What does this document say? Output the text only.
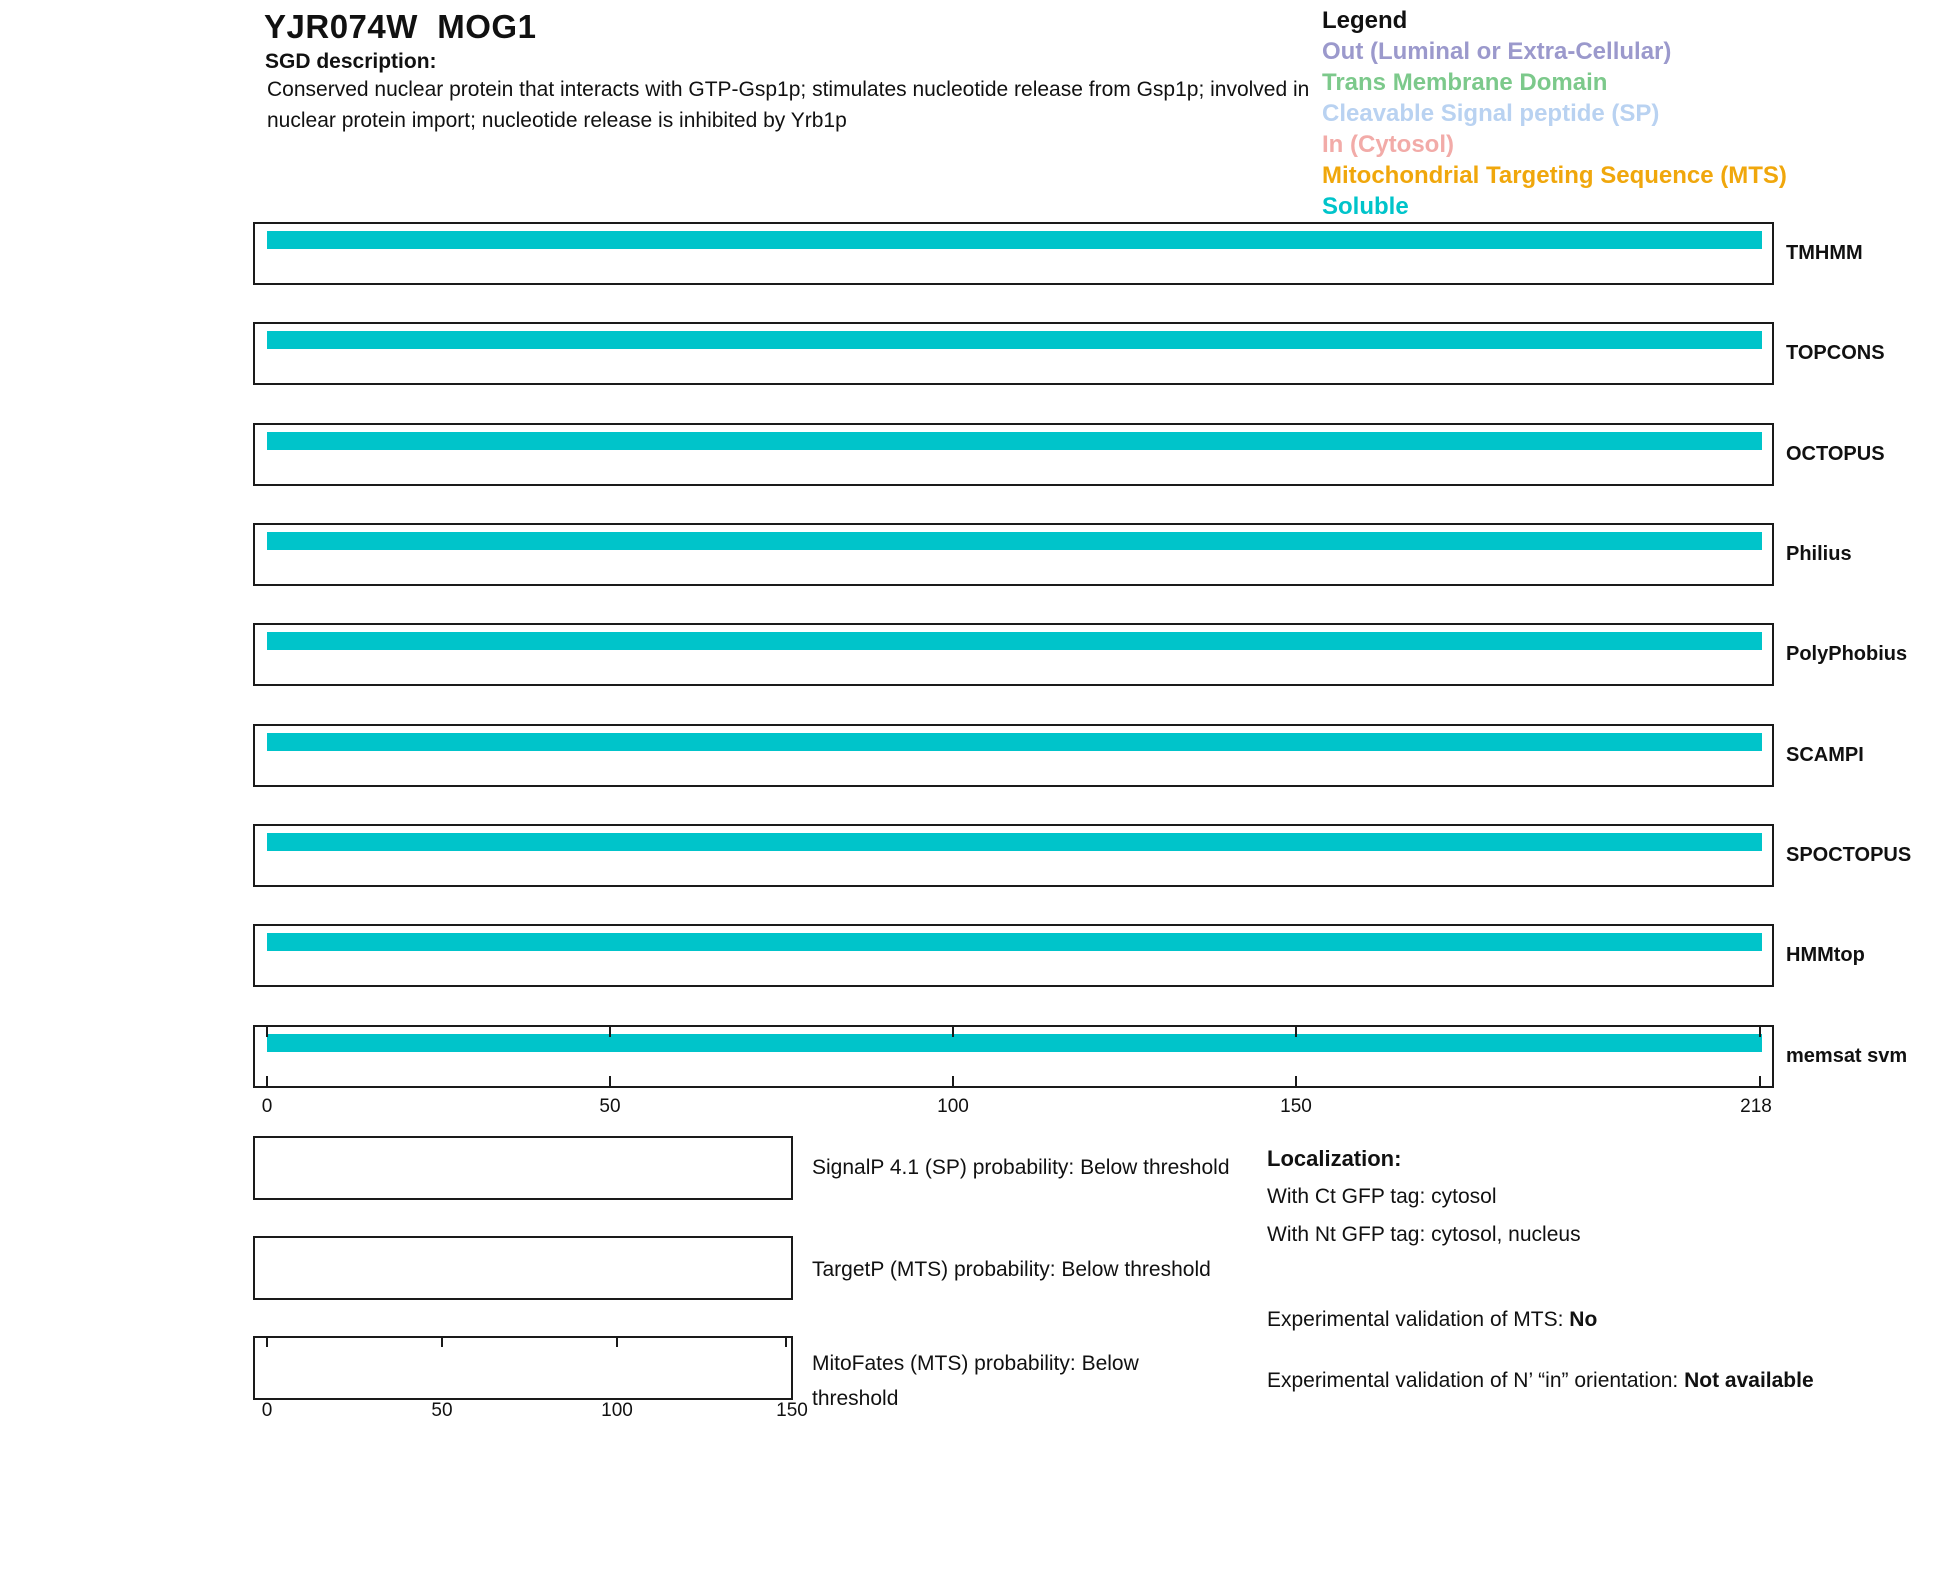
YJR074W  MOG1
SGD description:
Conserved nuclear protein that interacts with GTP-Gsp1p; stimulates nucleotide release from Gsp1p; involved in nuclear protein import; nucleotide release is inhibited by Yrb1p
Legend
Out (Luminal or Extra-Cellular)
Trans Membrane Domain
Cleavable Signal peptide (SP)
In (Cytosol)
Mitochondrial Targeting Sequence (MTS)
Soluble
TMHMM
TOPCONS
OCTOPUS
Philius
PolyPhobius
SCAMPI
SPOCTOPUS
HMMtop
memsat svm
0	50	100	150	218
SignalP 4.1 (SP) probability: Below threshold
TargetP (MTS) probability: Below threshold
MitoFates (MTS) probability: Below threshold
0	50	100	150
Localization:
With Ct GFP tag: cytosol
With Nt GFP tag: cytosol, nucleus
Experimental validation of MTS: No
Experimental validation of N’ “in” orientation: Not available
